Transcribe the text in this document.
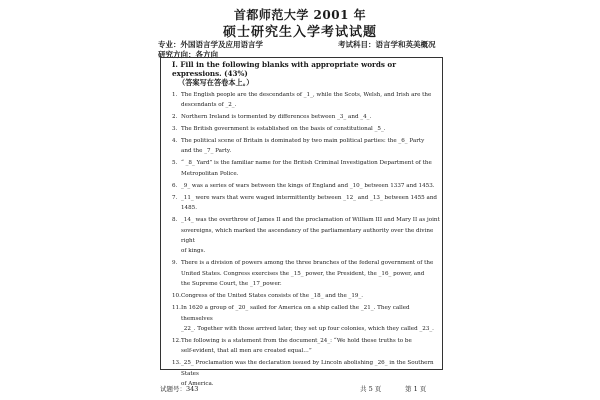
首都师范大学 2001 年
硕士研究生入学考试试题
专业：外国语言学及应用语言学	考试科目：语言学和英美概况
研究方向：各方向
I. Fill in the following blanks with appropriate words or expressions. (43%)
（答案写在答卷本上。）
1. The English people are the descendants of _1_, while the Scots, Welsh, and Irish are the
descendants of _2_.
2. Northern Ireland is tormented by differences between _3_ and _4_.
3. The British government is established on the basis of constitutional _5_.
4. The political scene of Britain is dominated by two main political parties: the _6_ Party
and the _7_ Party.
5. “ _8_ Yard” is the familiar name for the British Criminal Investigation Department of the
Metropolitan Police.
6. _9_ was a series of wars between the kings of England and _10_ between 1337 and 1453.
7. _11_ were wars that were waged intermittently between _12_ and _13_ between 1455 and
1485.
8. _14_ was the overthrow of James II and the proclamation of William III and Mary II as joint
sovereigns, which marked the ascendancy of the parliamentary authority over the divine right
of kings.
9. There is a division of powers among the three branches of the federal government of the
United States. Congress exercises the _15_ power, the President, the _16_ power, and
the Supreme Court, the _17_power.
10. Congress of the United States consists of the _18_ and the _19_.
11. In 1620 a group of _20_ sailed for America on a ship called the _21_. They called themselves
_22_. Together with those arrived later, they set up four colonies, which they called _23_.
12. The following is a statement from the document_24_: “We hold these truths to be
self-evident, that all men are created equal…”
13. _25_ Proclamation was the declaration issued by Lincoln abolishing _26_ in the Southern States
of America.
试题号：343	共 5 页	第 1 页
